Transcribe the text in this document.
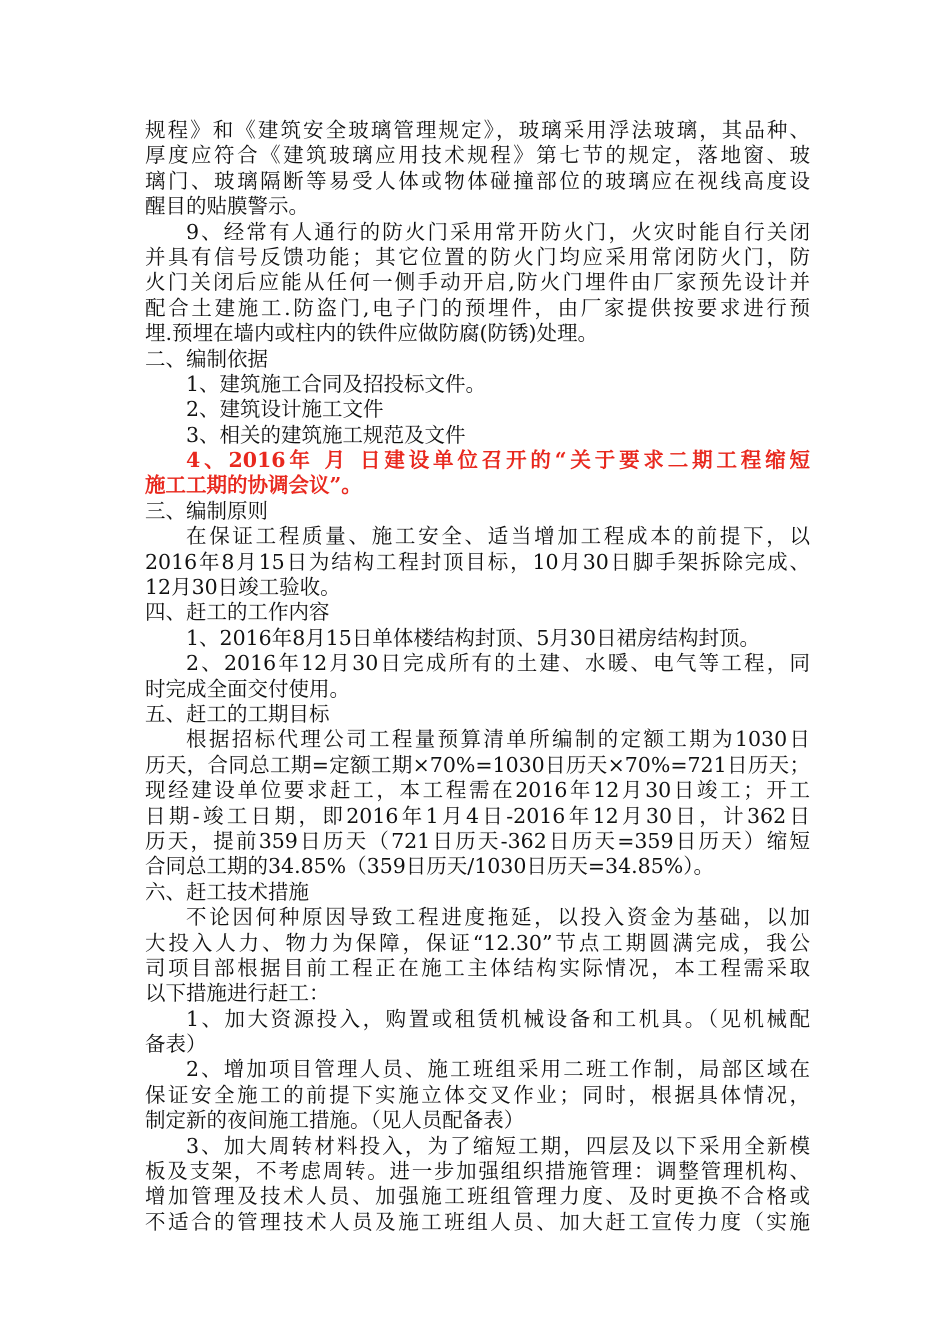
规程》和《建筑安全玻璃管理规定》，玻璃采用浮法玻璃，其品种、
厚度应符合《建筑玻璃应用技术规程》第七节的规定，落地窗、玻
璃门、玻璃隔断等易受人体或物体碰撞部位的玻璃应在视线高度设
醒目的贴膜警示。
9、经常有人通行的防火门采用常开防火门，火灾时能自行关闭
并具有信号反馈功能；其它位置的防火门均应采用常闭防火门，防
火门关闭后应能从任何一侧手动开启,防火门埋件由厂家预先设计并
配合土建施工.防盗门,电子门的预埋件，由厂家提供按要求进行预
埋.预埋在墙内或柱内的铁件应做防腐(防锈)处理。
二、编制依据
1、建筑施工合同及招投标文件。
2、建筑设计施工文件
3、相关的建筑施工规范及文件
4、2016年 月 日建设单位召开的“关于要求二期工程缩短
施工工期的协调会议”。
三、编制原则
在保证工程质量、施工安全、适当增加工程成本的前提下，以
2016年8月15日为结构工程封顶目标，10月30日脚手架拆除完成、
12月30日竣工验收。
四、赶工的工作内容
1、2016年8月15日单体楼结构封顶、5月30日裙房结构封顶。
2、2016年12月30日完成所有的土建、水暖、电气等工程，同
时完成全面交付使用。
五、赶工的工期目标
根据招标代理公司工程量预算清单所编制的定额工期为1030日
历天，合同总工期=定额工期×70%=1030日历天×70%=721日历天；
现经建设单位要求赶工，本工程需在2016年12月30日竣工；开工
日期-竣工日期，即2016年1月4日-2016年12月30日，计362日
历天，提前359日历天（721日历天-362日历天=359日历天）缩短
合同总工期的34.85%（359日历天/1030日历天=34.85%）。
六、赶工技术措施
不论因何种原因导致工程进度拖延，以投入资金为基础，以加
大投入人力、物力为保障，保证“12.30”节点工期圆满完成，我公
司项目部根据目前工程正在施工主体结构实际情况，本工程需采取
以下措施进行赶工：
1、加大资源投入，购置或租赁机械设备和工机具。（见机械配
备表）
2、增加项目管理人员、施工班组采用二班工作制，局部区域在
保证安全施工的前提下实施立体交叉作业；同时，根据具体情况，
制定新的夜间施工措施。（见人员配备表）
3、加大周转材料投入，为了缩短工期，四层及以下采用全新模
板及支架，不考虑周转。进一步加强组织措施管理：调整管理机构、
增加管理及技术人员、加强施工班组管理力度、及时更换不合格或
不适合的管理技术人员及施工班组人员、加大赶工宣传力度（实施
